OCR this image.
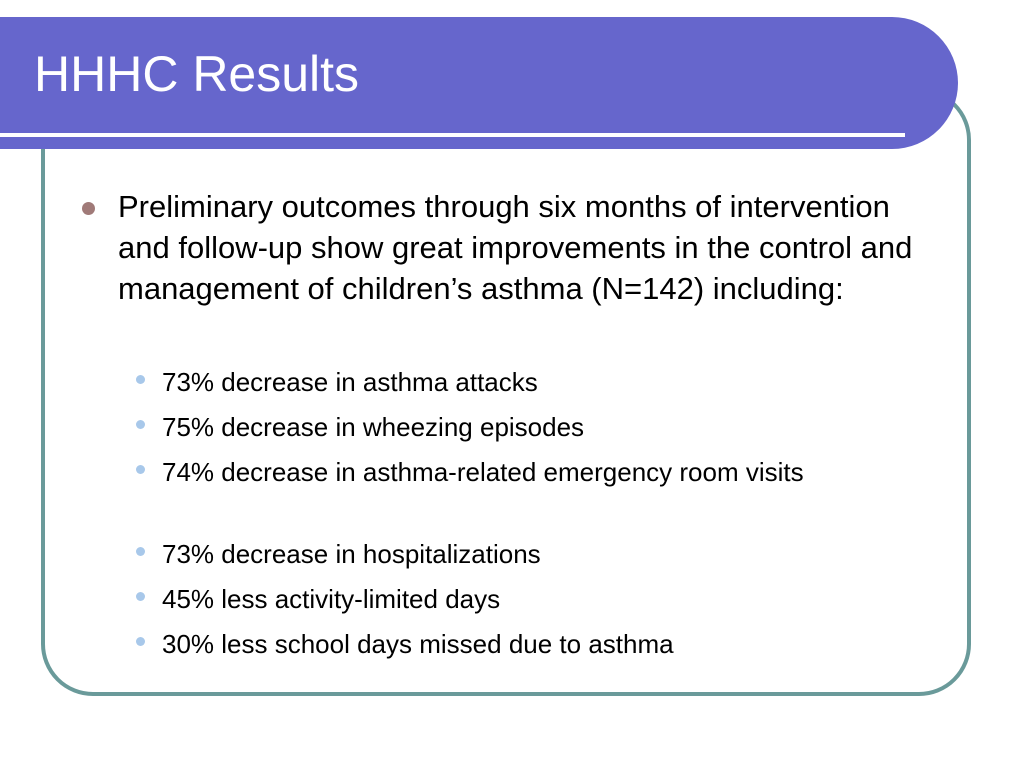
HHHC Results
Preliminary outcomes through six months of intervention and follow-up show great improvements in the control and management of children’s asthma (N=142) including:
73% decrease in asthma attacks
75% decrease in wheezing episodes
74% decrease in asthma-related emergency room visits
73% decrease in hospitalizations
45% less activity-limited days
30% less school days missed due to asthma
